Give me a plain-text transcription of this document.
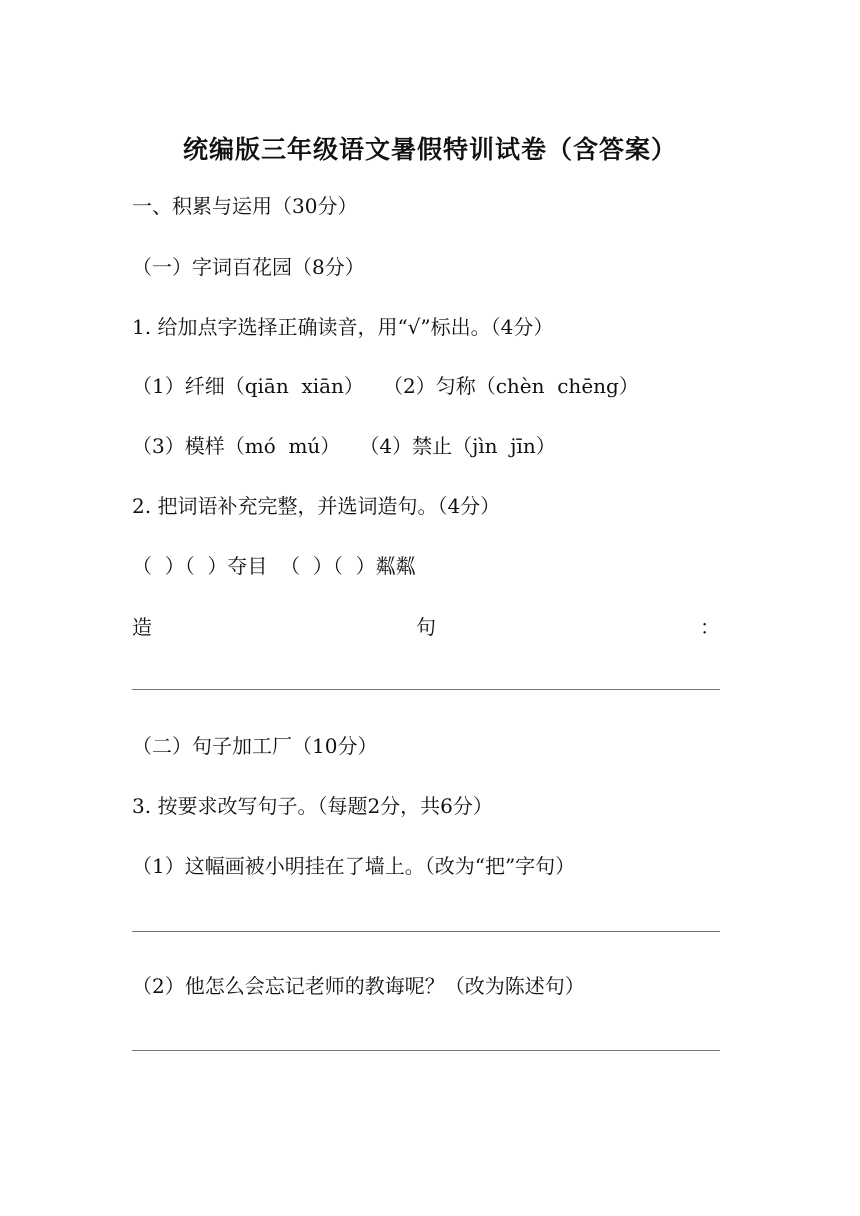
统编版三年级语文暑假特训试卷（含答案）
一、积累与运用（30分）
（一）字词百花园（8分）
1. 给加点字选择正确读音，用“√”标出。（4分）
（1）纤细（qiān  xiān）   （2）匀称（chèn  chēng）
（3）模样（mó  mú）   （4）禁止（jìn  jīn）
2. 把词语补充完整，并选词造句。（4分）
（  ）（  ）夺目  （  ）（  ）粼粼
造	句	：
（二）句子加工厂（10分）
3. 按要求改写句子。（每题2分，共6分）
（1）这幅画被小明挂在了墙上。（改为“把”字句）
（2）他怎么会忘记老师的教诲呢？（改为陈述句）
